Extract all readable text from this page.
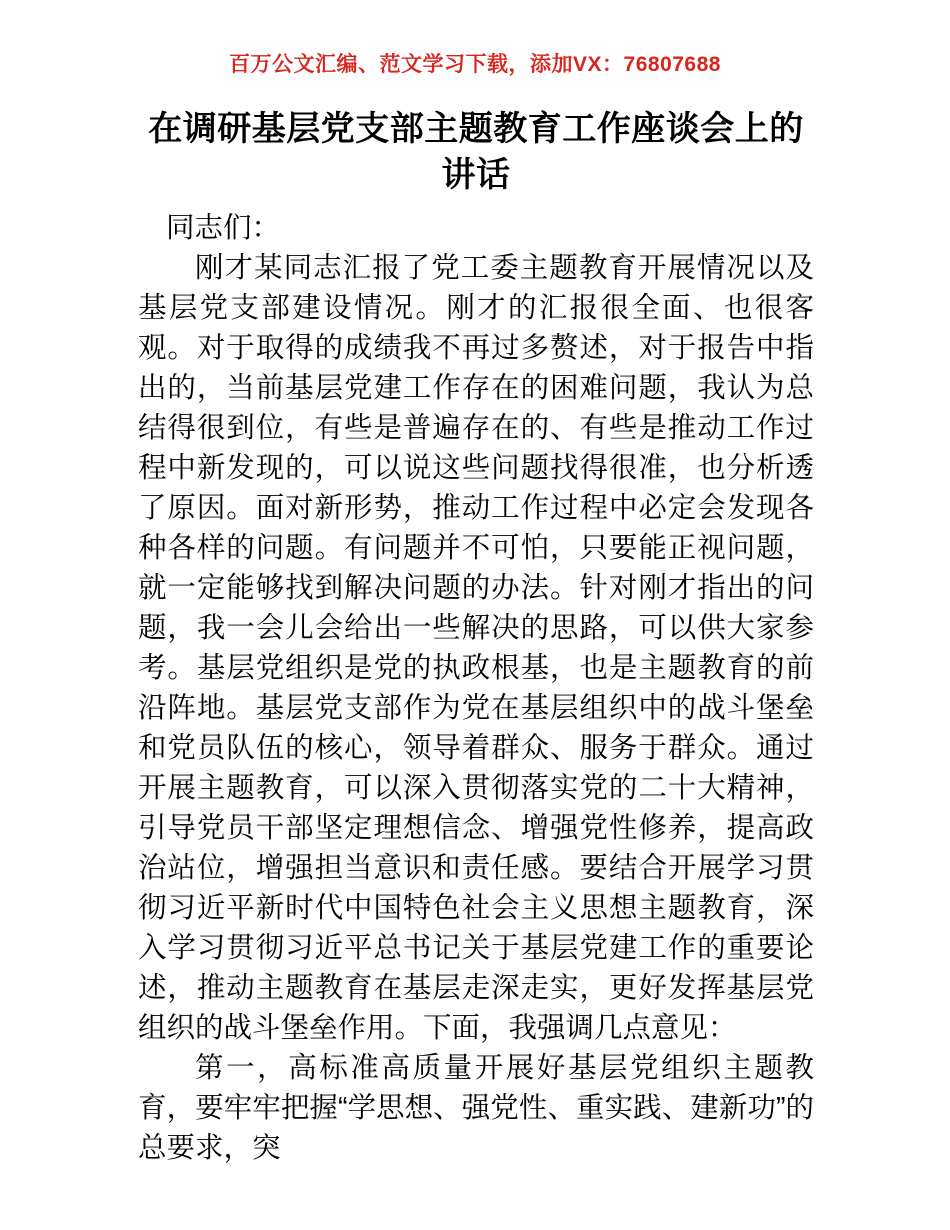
百万公文汇编、范文学习下载，添加VX：76807688
在调研基层党支部主题教育工作座谈会上的讲话

同志们：

刚才某同志汇报了党工委主题教育开展情况以及基层党支部建设情况。刚才的汇报很全面、也很客观。对于取得的成绩我不再过多赘述，对于报告中指出的，当前基层党建工作存在的困难问题，我认为总结得很到位，有些是普遍存在的、有些是推动工作过程中新发现的，可以说这些问题找得很准，也分析透了原因。面对新形势，推动工作过程中必定会发现各种各样的问题。有问题并不可怕，只要能正视问题，就一定能够找到解决问题的办法。针对刚才指出的问题，我一会儿会给出一些解决的思路，可以供大家参考。基层党组织是党的执政根基，也是主题教育的前沿阵地。基层党支部作为党在基层组织中的战斗堡垒和党员队伍的核心，领导着群众、服务于群众。通过开展主题教育，可以深入贯彻落实党的二十大精神，引导党员干部坚定理想信念、增强党性修养，提高政治站位，增强担当意识和责任感。要结合开展学习贯彻习近平新时代中国特色社会主义思想主题教育，深入学习贯彻习近平总书记关于基层党建工作的重要论述，推动主题教育在基层走深走实，更好发挥基层党组织的战斗堡垒作用。下面，我强调几点意见：

第一，高标准高质量开展好基层党组织主题教育，要牢牢把握“学思想、强党性、重实践、建新功”的总要求，突
